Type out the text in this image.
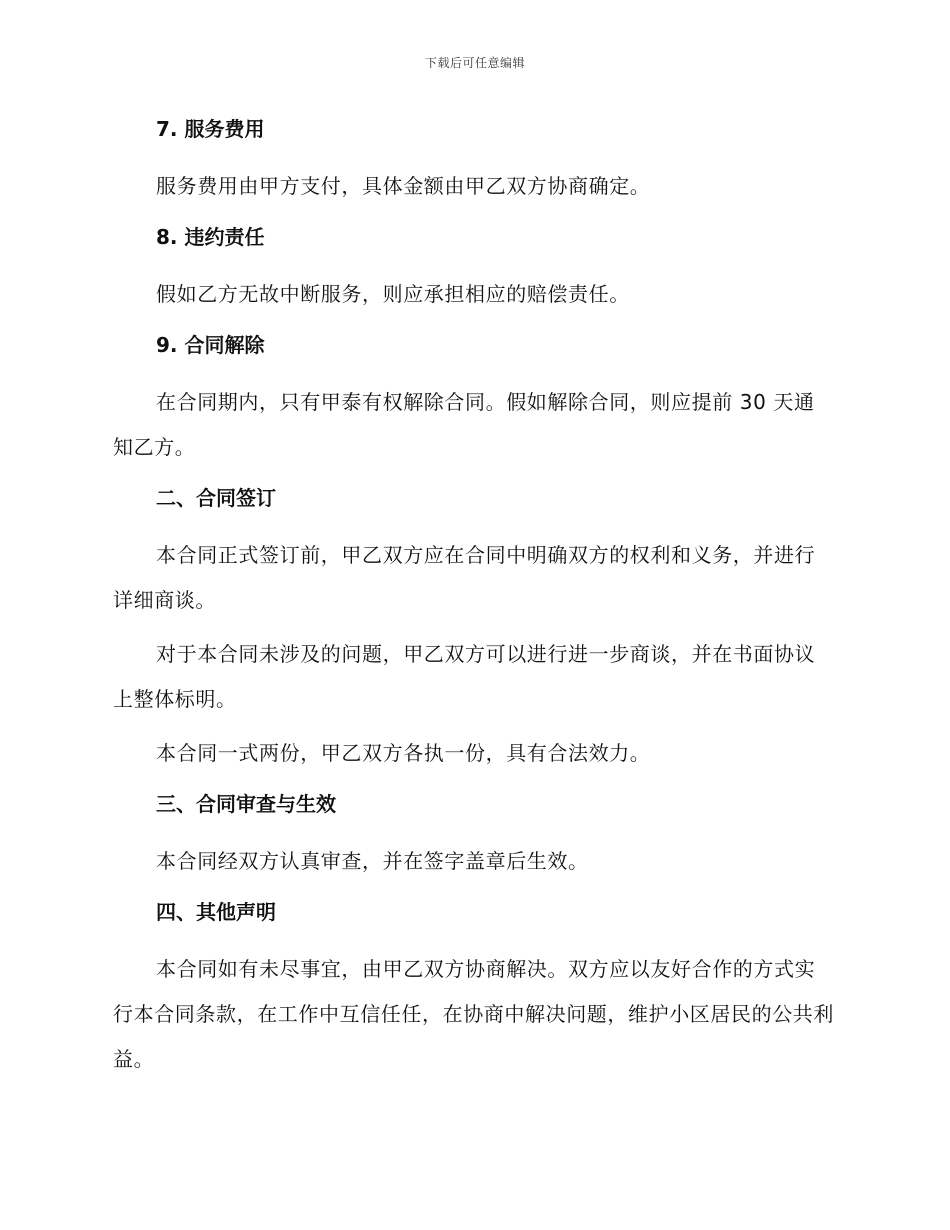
下载后可任意编辑
7. 服务费用

服务费用由甲方支付，具体金额由甲乙双方协商确定。

8. 违约责任

假如乙方无故中断服务，则应承担相应的赔偿责任。

9. 合同解除

在合同期内，只有甲泰有权解除合同。假如解除合同，则应提前 30 天通知乙方。

二、合同签订

本合同正式签订前，甲乙双方应在合同中明确双方的权利和义务，并进行详细商谈。

对于本合同未涉及的问题，甲乙双方可以进行进一步商谈，并在书面协议上整体标明。

本合同一式两份，甲乙双方各执一份，具有合法效力。

三、合同审查与生效

本合同经双方认真审查，并在签字盖章后生效。

四、其他声明

本合同如有未尽事宜，由甲乙双方协商解决。双方应以友好合作的方式实行本合同条款，在工作中互信任任，在协商中解决问题，维护小区居民的公共利益。
